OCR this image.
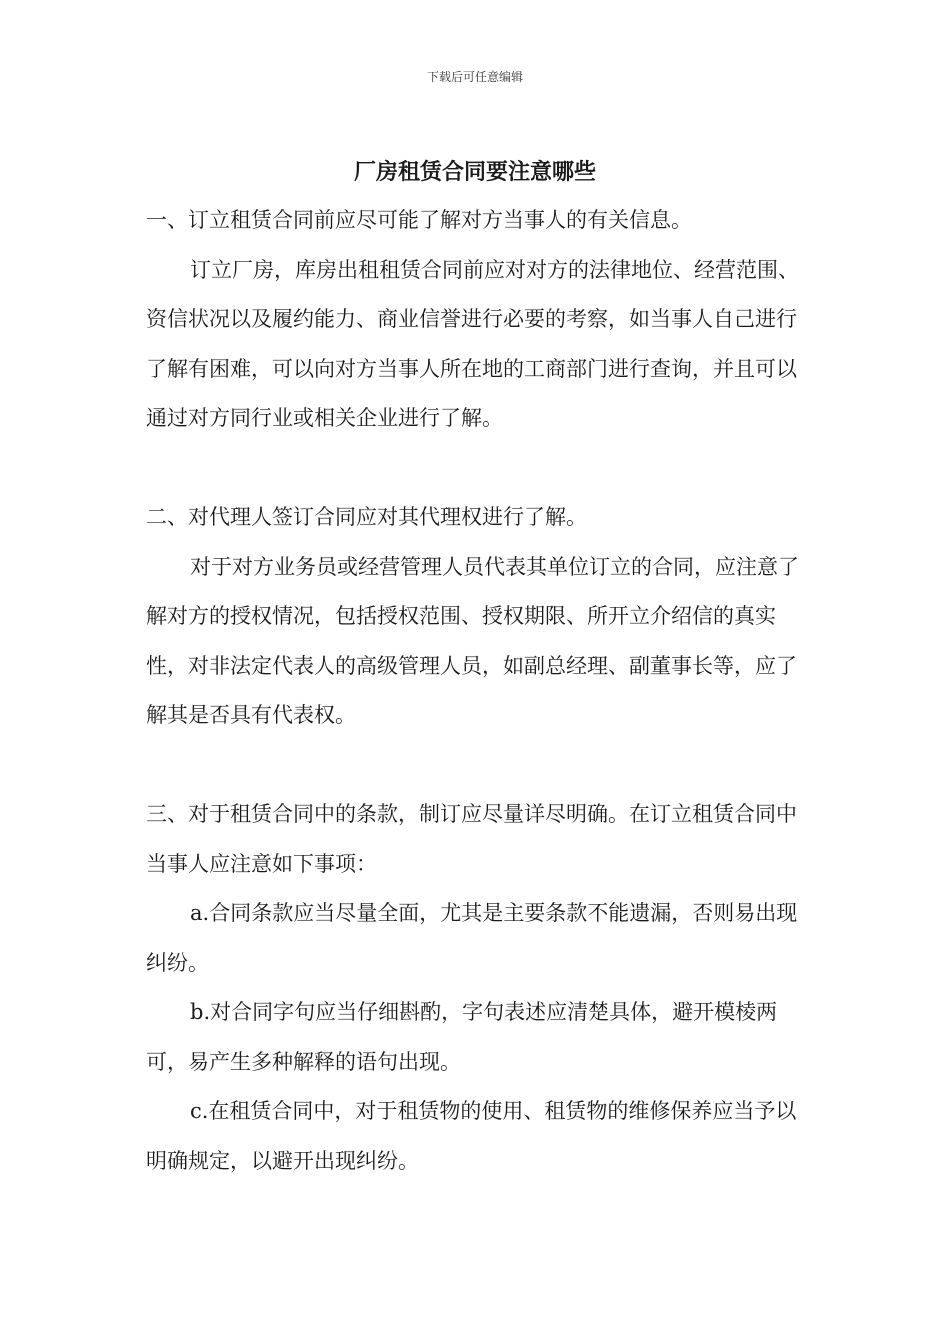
下载后可任意编辑
厂房租赁合同要注意哪些

一、订立租赁合同前应尽可能了解对方当事人的有关信息。

订立厂房，库房出租租赁合同前应对对方的法律地位、经营范围、资信状况以及履约能力、商业信誉进行必要的考察，如当事人自己进行了解有困难，可以向对方当事人所在地的工商部门进行查询，并且可以通过对方同行业或相关企业进行了解。

二、对代理人签订合同应对其代理权进行了解。

对于对方业务员或经营管理人员代表其单位订立的合同，应注意了解对方的授权情况，包括授权范围、授权期限、所开立介绍信的真实性，对非法定代表人的高级管理人员，如副总经理、副董事长等，应了解其是否具有代表权。

三、对于租赁合同中的条款，制订应尽量详尽明确。在订立租赁合同中当事人应注意如下事项：

a.合同条款应当尽量全面，尤其是主要条款不能遗漏，否则易出现纠纷。

b.对合同字句应当仔细斟酌，字句表述应清楚具体，避开模棱两可，易产生多种解释的语句出现。

c.在租赁合同中，对于租赁物的使用、租赁物的维修保养应当予以明确规定，以避开出现纠纷。
